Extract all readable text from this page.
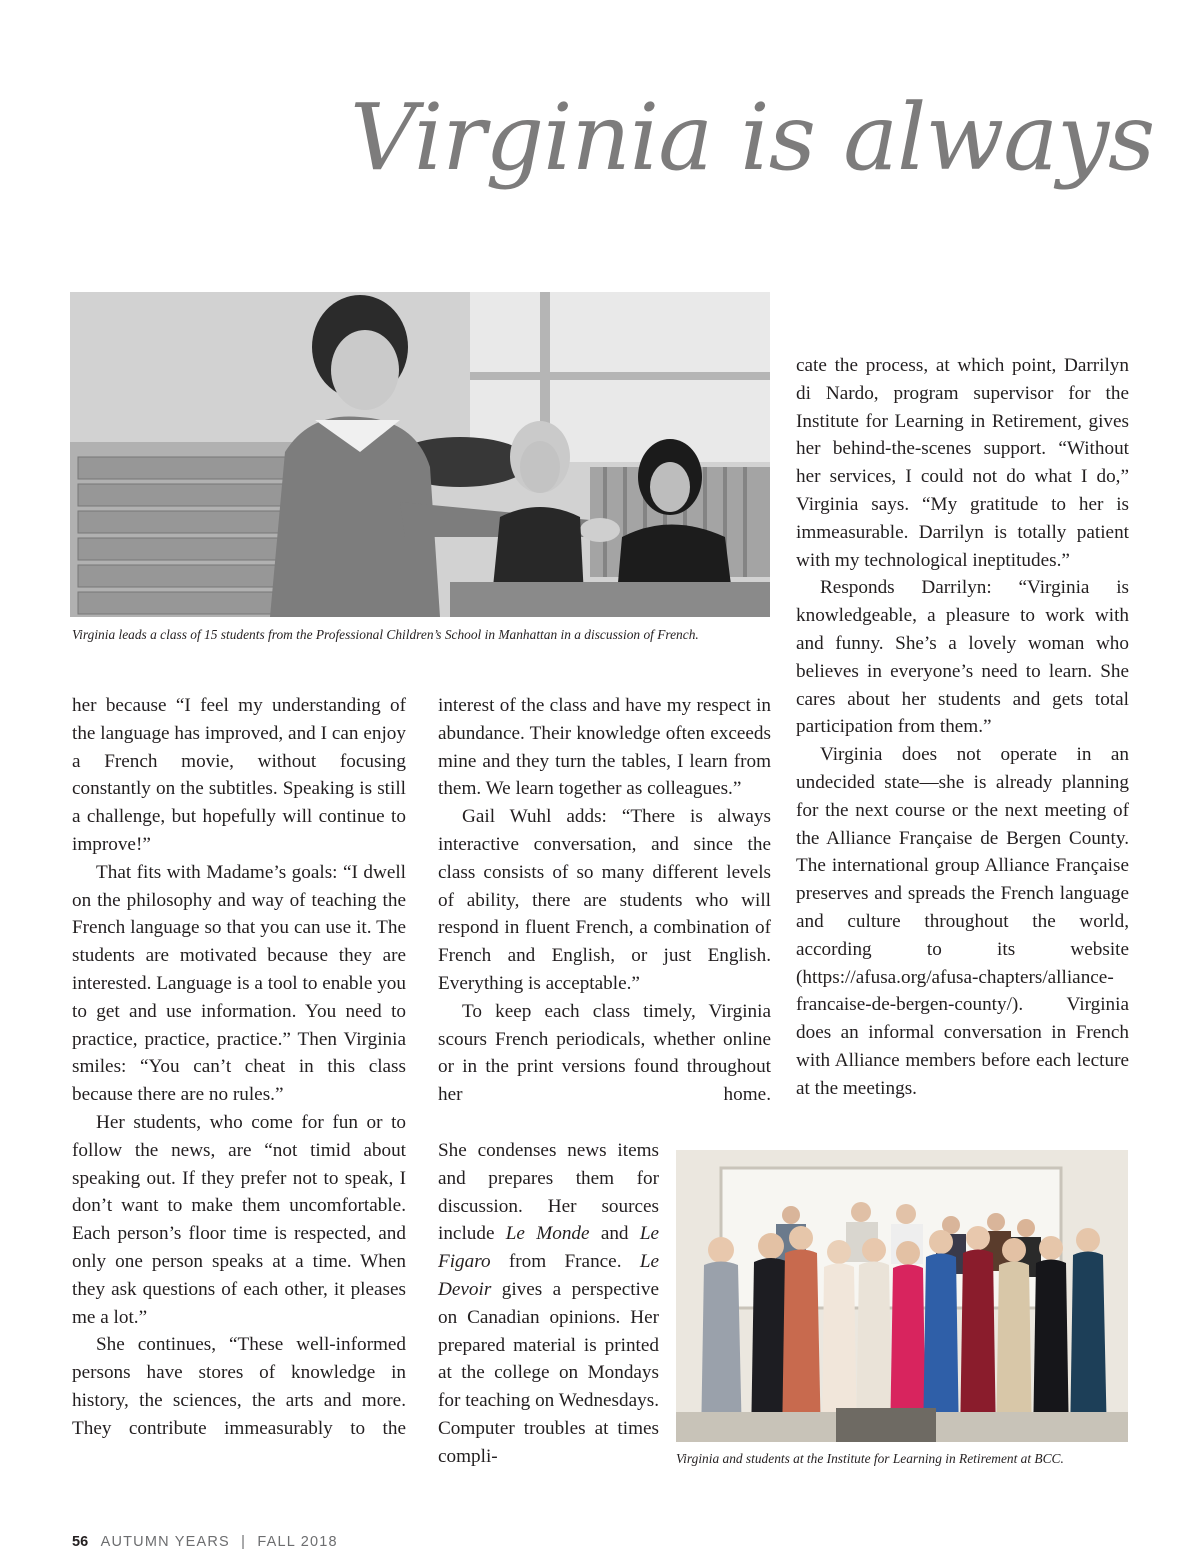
Virginia is always
Virginia leads a class of 15 students from the Professional Children’s School in Manhattan in a discussion of French.

her because “I feel my understanding of the language has improved, and I can enjoy a French movie, without focusing constantly on the subtitles. Speaking is still a challenge, but hopefully will continue to improve!”

That fits with Madame’s goals: “I dwell on the philosophy and way of teaching the French language so that you can use it. The students are motivated because they are interested. Language is a tool to enable you to get and use information. You need to practice, practice, practice.” Then Virginia smiles: “You can’t cheat in this class because there are no rules.”

Her students, who come for fun or to follow the news, are “not timid about speaking out. If they prefer not to speak, I don’t want to make them uncomfortable. Each person’s floor time is respected, and only one person speaks at a time. When they ask questions of each other, it pleases me a lot.”

She continues, “These well-informed persons have stores of knowledge in history, the sciences, the arts and more. They contribute immeasurably to the

interest of the class and have my respect in abundance. Their knowledge often exceeds mine and they turn the tables, I learn from them. We learn together as colleagues.”

Gail Wuhl adds: “There is always interactive conversation, and since the class consists of so many different levels of ability, there are students who will respond in fluent French, a combination of French and English, or just English. Everything is acceptable.”

To keep each class timely, Virginia scours French periodicals, whether online or in the print versions found throughout her home.

She condenses news items and prepares them for discussion. Her sources include Le Monde and Le Figaro from France. Le Devoir gives a perspective on Canadian opinions. Her prepared material is printed at the college on Mondays for teaching on Wednesdays. Computer troubles at times compli-

cate the process, at which point, Darrilyn di Nardo, program supervisor for the Institute for Learning in Retirement, gives her behind-the-scenes support. “Without her services, I could not do what I do,” Virginia says. “My gratitude to her is immeasurable. Darrilyn is totally patient with my technological ineptitudes.”

Responds Darrilyn: “Virginia is knowledgeable, a pleasure to work with and funny. She’s a lovely woman who believes in everyone’s need to learn. She cares about her students and gets total participation from them.”

Virginia does not operate in an undecided state—she is already planning for the next course or the next meeting of the Alliance Française de Bergen County. The international group Alliance Française preserves and spreads the French language and culture throughout the world, according to its website (https://afusa.org/afusa-chapters/alliance-francaise-de-bergen-county/). Virginia does an informal conversation in French with Alliance members before each lecture at the meetings.

Virginia and students at the Institute for Learning in Retirement at BCC.
56 AUTUMN YEARS | FALL 2018
